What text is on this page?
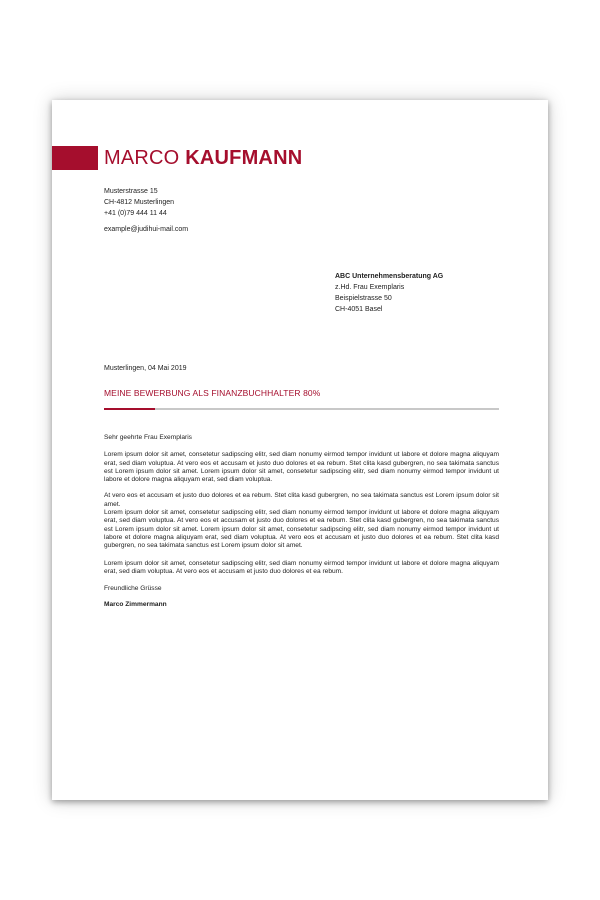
MARCO KAUFMANN
Musterstrasse 15
CH-4812 Musterlingen
+41 (0)79 444 11 44
example@judihui-mail.com
ABC Unternehmensberatung AG
z.Hd. Frau Exemplaris
Beispielstrasse 50
CH-4051 Basel
Musterlingen, 04 Mai 2019
MEINE BEWERBUNG ALS FINANZBUCHHALTER 80%

Sehr geehrte Frau Exemplaris

Lorem ipsum dolor sit amet, consetetur sadipscing elitr, sed diam nonumy eirmod tempor invidunt ut labore et dolore magna aliquyam erat, sed diam voluptua. At vero eos et accusam et justo duo dolores et ea rebum. Stet clita kasd gubergren, no sea takimata sanctus est Lorem ipsum dolor sit amet. Lorem ipsum dolor sit amet, consetetur sadipscing elitr, sed diam nonumy eirmod tempor invidunt ut labore et dolore magna aliquyam erat, sed diam voluptua.

At vero eos et accusam et justo duo dolores et ea rebum. Stet clita kasd gubergren, no sea takimata sanctus est Lorem ipsum dolor sit amet.

Lorem ipsum dolor sit amet, consetetur sadipscing elitr, sed diam nonumy eirmod tempor invidunt ut labore et dolore magna aliquyam erat, sed diam voluptua. At vero eos et accusam et justo duo dolores et ea rebum. Stet clita kasd gubergren, no sea takimata sanctus est Lorem ipsum dolor sit amet. Lorem ipsum dolor sit amet, consetetur sadipscing elitr, sed diam nonumy eirmod tempor invidunt ut labore et dolore magna aliquyam erat, sed diam voluptua. At vero eos et accusam et justo duo dolores et ea rebum. Stet clita kasd gubergren, no sea takimata sanctus est Lorem ipsum dolor sit amet.

Lorem ipsum dolor sit amet, consetetur sadipscing elitr, sed diam nonumy eirmod tempor invidunt ut labore et dolore magna aliquyam erat, sed diam voluptua. At vero eos et accusam et justo duo dolores et ea rebum.

Freundliche Grüsse

Marco Zimmermann
